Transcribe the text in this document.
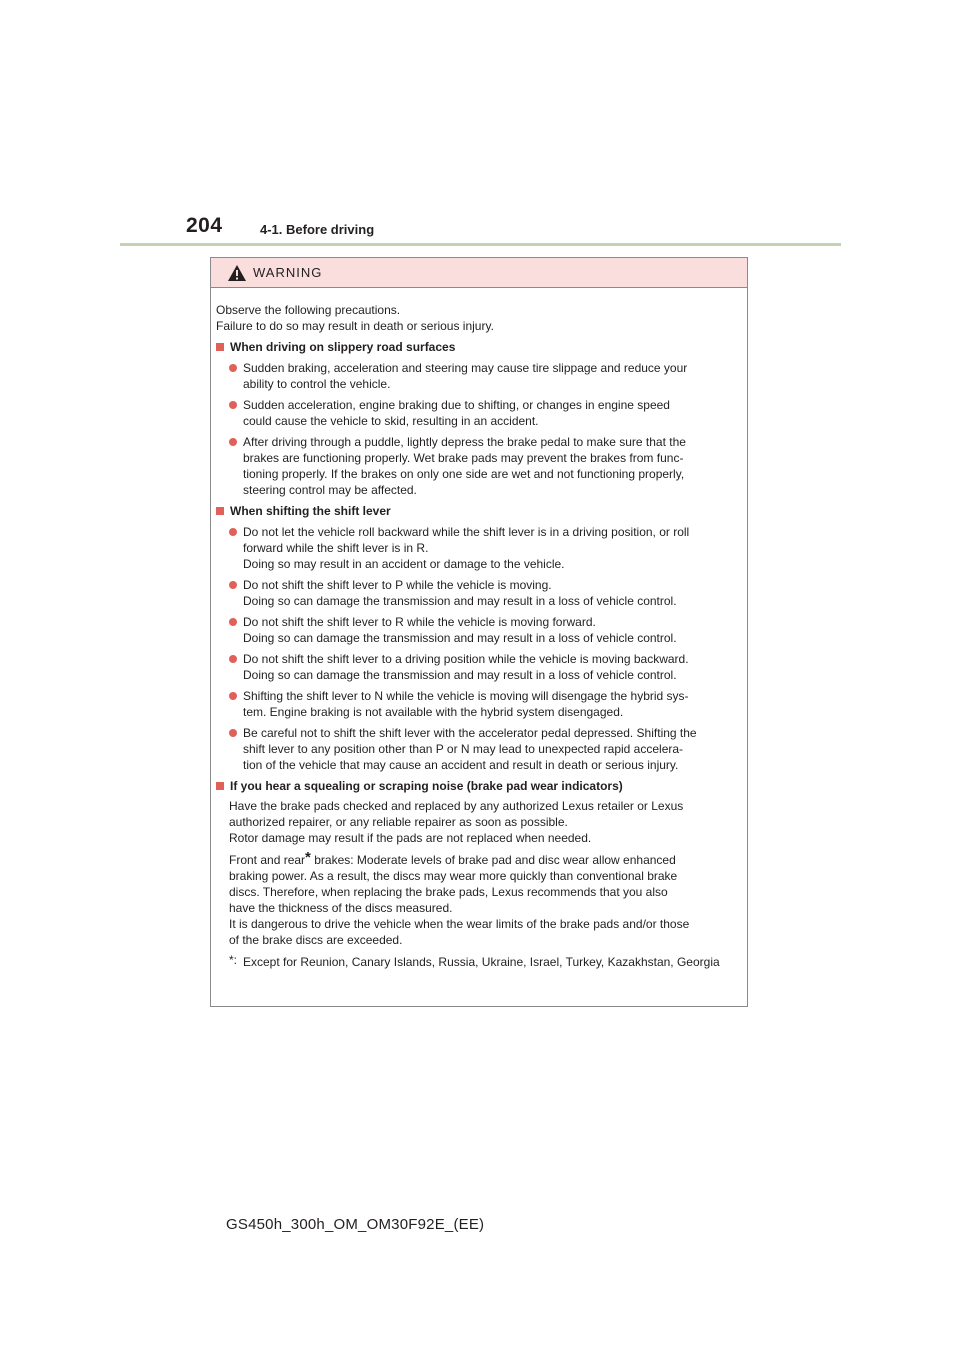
204	4-1. Before driving
WARNING

Observe the following precautions.

Failure to do so may result in death or serious injury.

When driving on slippery road surfaces
Sudden braking, acceleration and steering may cause tire slippage and reduce your
ability to control the vehicle.
Sudden acceleration, engine braking due to shifting, or changes in engine speed
could cause the vehicle to skid, resulting in an accident.
After driving through a puddle, lightly depress the brake pedal to make sure that the
brakes are functioning properly. Wet brake pads may prevent the brakes from func-
tioning properly. If the brakes on only one side are wet and not functioning properly,
steering control may be affected.
When shifting the shift lever
Do not let the vehicle roll backward while the shift lever is in a driving position, or roll
forward while the shift lever is in R.
Doing so may result in an accident or damage to the vehicle.
Do not shift the shift lever to P while the vehicle is moving.
Doing so can damage the transmission and may result in a loss of vehicle control.
Do not shift the shift lever to R while the vehicle is moving forward.
Doing so can damage the transmission and may result in a loss of vehicle control.
Do not shift the shift lever to a driving position while the vehicle is moving backward.
Doing so can damage the transmission and may result in a loss of vehicle control.
Shifting the shift lever to N while the vehicle is moving will disengage the hybrid sys-
tem. Engine braking is not available with the hybrid system disengaged.
Be careful not to shift the shift lever with the accelerator pedal depressed. Shifting the
shift lever to any position other than P or N may lead to unexpected rapid accelera-
tion of the vehicle that may cause an accident and result in death or serious injury.
If you hear a squealing or scraping noise (brake pad wear indicators)
Have the brake pads checked and replaced by any authorized Lexus retailer or Lexus
authorized repairer, or any reliable repairer as soon as possible.
Rotor damage may result if the pads are not replaced when needed.
Front and rear* brakes: Moderate levels of brake pad and disc wear allow enhanced
braking power. As a result, the discs may wear more quickly than conventional brake
discs. Therefore, when replacing the brake pads, Lexus recommends that you also
have the thickness of the discs measured.
It is dangerous to drive the vehicle when the wear limits of the brake pads and/or those
of the brake discs are exceeded.
*: Except for Reunion, Canary Islands, Russia, Ukraine, Israel, Turkey, Kazakhstan, Georgia
GS450h_300h_OM_OM30F92E_(EE)
